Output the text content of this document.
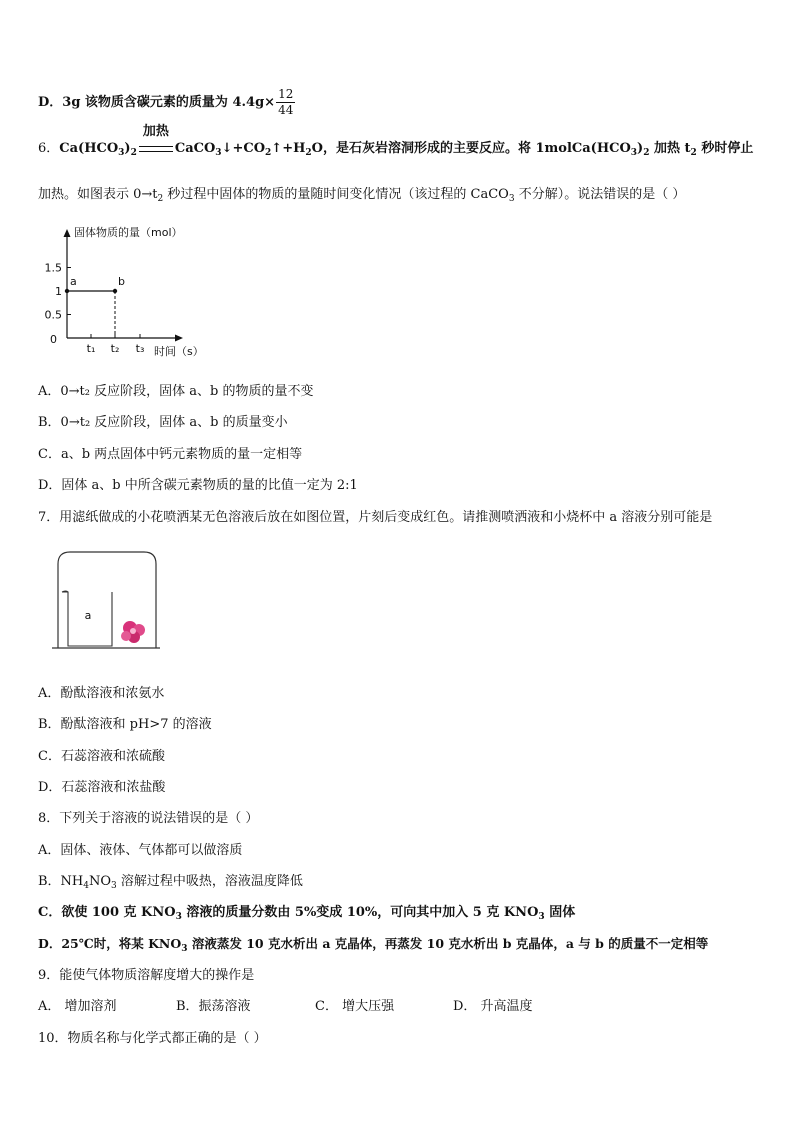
D．3g 该物质含碳元素的质量为 $4.4g\times \frac{12}{44}$
6．$Ca(HCO_3)_2$
加热
$CaCO_3↓+CO_2↑+H_2O$，是石灰岩溶洞形成的主要反应。将 $1molCa(HCO_3)_2$ 加热 $t_2$ 秒时停止
加热。如图表示 $0\to t_2$ 秒过程中固体的物质的量随时间变化情况（该过程的 CaCO$_3$ 不分解）。说法错误的是（ ）
固体物质的量（mol）
时间（s）
0
0.5
1
1.5
t₁ t₂ t₃
a	b
A．0→t₂ 反应阶段，固体 a、b 的物质的量不变
B．0→t₂ 反应阶段，固体 a、b 的质量变小
C．a、b 两点固体中钙元素物质的量一定相等
D．固体 a、b 中所含碳元素物质的量的比值一定为 2:1
7．用滤纸做成的小花喷洒某无色溶液后放在如图位置，片刻后变成红色。请推测喷洒液和小烧杯中 a 溶液分别可能是
a
A．酚酞溶液和浓氨水
B．酚酞溶液和 pH>7 的溶液
C．石蕊溶液和浓硫酸
D．石蕊溶液和浓盐酸
8．下列关于溶液的说法错误的是（ ）
A．固体、液体、气体都可以做溶质
B．$NH_4NO_3$ 溶解过程中吸热，溶液温度降低
C．欲使 100 克 $KNO_3$ 溶液的质量分数由 5%变成 10%，可向其中加入 5 克 $KNO_3$ 固体
D．25℃时，将某 $KNO_3$ 溶液蒸发 10 克水析出 a 克晶体，再蒸发 10 克水析出 b 克晶体，a 与 b 的质量不一定相等
9．能使气体物质溶解度增大的操作是
A． 增加溶剂	B．振荡溶液	C． 增大压强	D． 升高温度
10．物质名称与化学式都正确的是（ ）
